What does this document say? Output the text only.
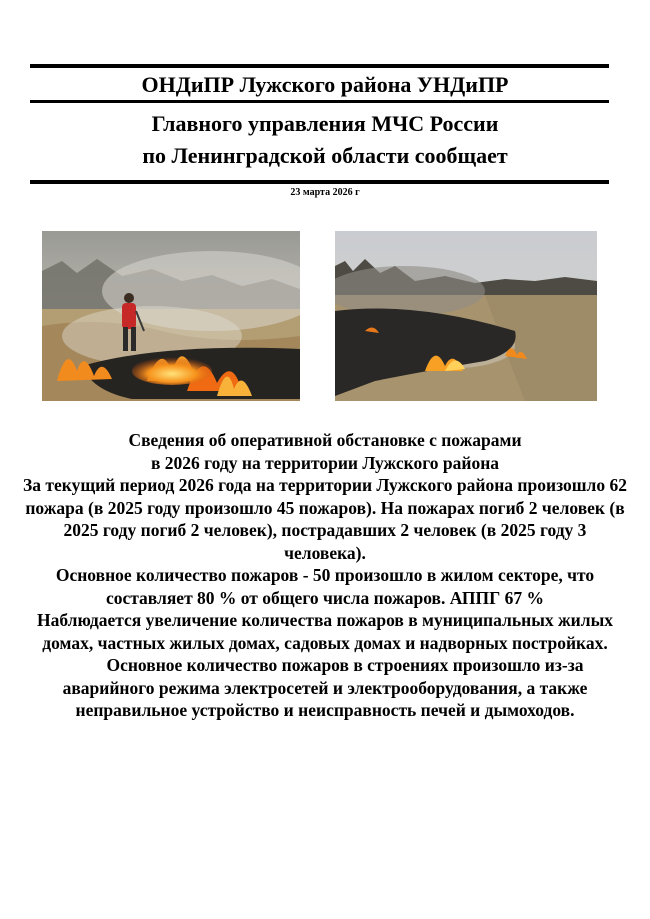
ОНДиПР Лужского района УНДиПР
Главного управления МЧС России
по Ленинградской области сообщает
23 марта 2026 г

Сведения об оперативной обстановке с пожарами

в 2026 году на территории Лужского района

За текущий период 2026 года на территории Лужского района произошло 62 пожара (в 2025 году произошло 45 пожаров). На пожарах погиб 2 человек (в 2025 году погиб 2 человек), пострадавших 2 человек (в 2025 году 3 человека).

Основное количество пожаров - 50 произошло в жилом секторе, что составляет 80 % от общего числа пожаров. АППГ 67 %

Наблюдается увеличение количества пожаров в муниципальных жилых домах, частных жилых домах, садовых домах и надворных постройках.

Основное количество пожаров в строениях произошло из-за аварийного режима электросетей и электрооборудования, а также неправильное устройство и неисправность печей и дымоходов.
